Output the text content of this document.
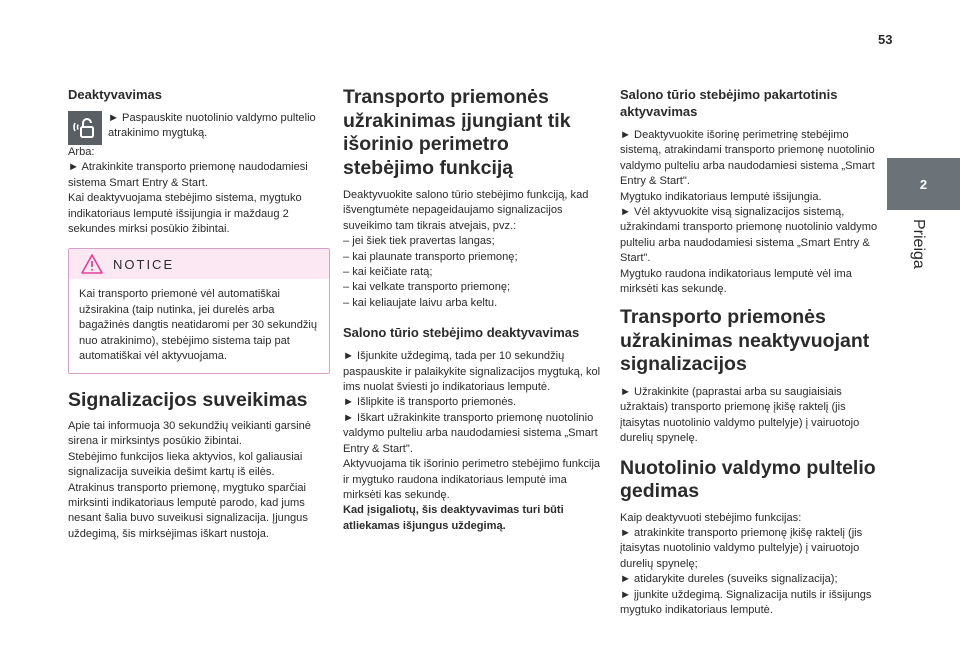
53
2
Prieiga
Deaktyvavimas

► Paspauskite nuotolinio valdymo pulteliо atrakinimo mygtuką.

Arba:
► Atrakinkite transporto priemonę naudodamiesi sistema Smart Entry & Start.
Kai deaktyvuojama stebėjimo sistema, mygtuko indikatoriaus lemputė išsijungia ir maždaug 2 sekundes mirksi posūkio žibintai.

NOTICE

Kai transporto priemonė vėl automatiškai užsirakina (taip nutinka, jei durelės arba bagažinės dangtis neatidaromi per 30 sekundžių nuo atrakinimo), stebėjimo sistema taip pat automatiškai vėl aktyvuojama.

Signalizacijos suveikimas

Apie tai informuoja 30 sekundžių veikianti garsinė sirena ir mirksintys posūkio žibintai.
Stebėjimo funkcijos lieka aktyvios, kol galiausiai signalizacija suveikia dešimt kartų iš eilės.
Atrakinus transporto priemonę, mygtuko sparčiai mirksinti indikatoriaus lemputė parodo, kad jums nesant šalia buvo suveikusi signalizacija. Įjungus uždegimą, šis mirksėjimas iškart nustoja.

Transporto priemonės užrakinimas įjungiant tik išorinio perimetro stebėjimo funkciją

Deaktyvuokite salono tūrio stebėjimo funkciją, kad išvengtumėte nepageidaujamo signalizacijos suveikimo tam tikrais atvejais, pvz.:
– jei šiek tiek pravertas langas;
– kai plaunate transporto priemonę;
– kai keičiate ratą;
– kai velkate transporto priemonę;
– kai keliaujate laivu arba keltu.

Salono tūrio stebėjimo deaktyvavimas

► Išjunkite uždegimą, tada per 10 sekundžių paspauskite ir palaikykite signalizacijos mygtuką, kol ims nuolat šviesti jo indikatoriaus lemputė.
► Išlipkite iš transporto priemonės.
► Iškart užrakinkite transporto priemonę nuotolinio valdymo pulteliu arba naudodamiesi sistema „Smart Entry & Start".
Aktyvuojama tik išorinio perimetro stebėjimo funkcija ir mygtuko raudona indikatoriaus lemputė ima mirksėti kas sekundę.

Kad įsigaliotų, šis deaktyvavimas turi būti atliekamas išjungus uždegimą.

Salono tūrio stebėjimo pakartotinis aktyvavimas

► Deaktyvuokite išorinę perimetrinę stebėjimo sistemą, atrakindami transporto priemonę nuotolinio valdymo pulteliu arba naudodamiesi sistema „Smart Entry & Start".
Mygtuko indikatoriaus lemputė išsijungia.
► Vėl aktyvuokite visą signalizacijos sistemą, užrakindami transporto priemonę nuotolinio valdymo pulteliu arba naudodamiesi sistema „Smart Entry & Start".
Mygtuko raudona indikatoriaus lemputė vėl ima mirksėti kas sekundę.

Transporto priemonės užrakinimas neaktyvuojant signalizacijos

► Užrakinkite (paprastai arba su saugiaisiais užraktais) transporto priemonę įkišę raktelį (jis įtaisytas nuotolinio valdymo pultelyje) į vairuotojo durelių spynelę.

Nuotolinio valdymo pultelio gedimas

Kaip deaktyvuoti stebėjimo funkcijas:
► atrakinkite transporto priemonę įkišę raktelį (jis įtaisytas nuotolinio valdymo pultelyje) į vairuotojo durelių spynelę;
► atidarykite dureles (suveiks signalizacija);
► įjunkite uždegimą. Signalizacija nutils ir išsijungs mygtuko indikatoriaus lemputė.
